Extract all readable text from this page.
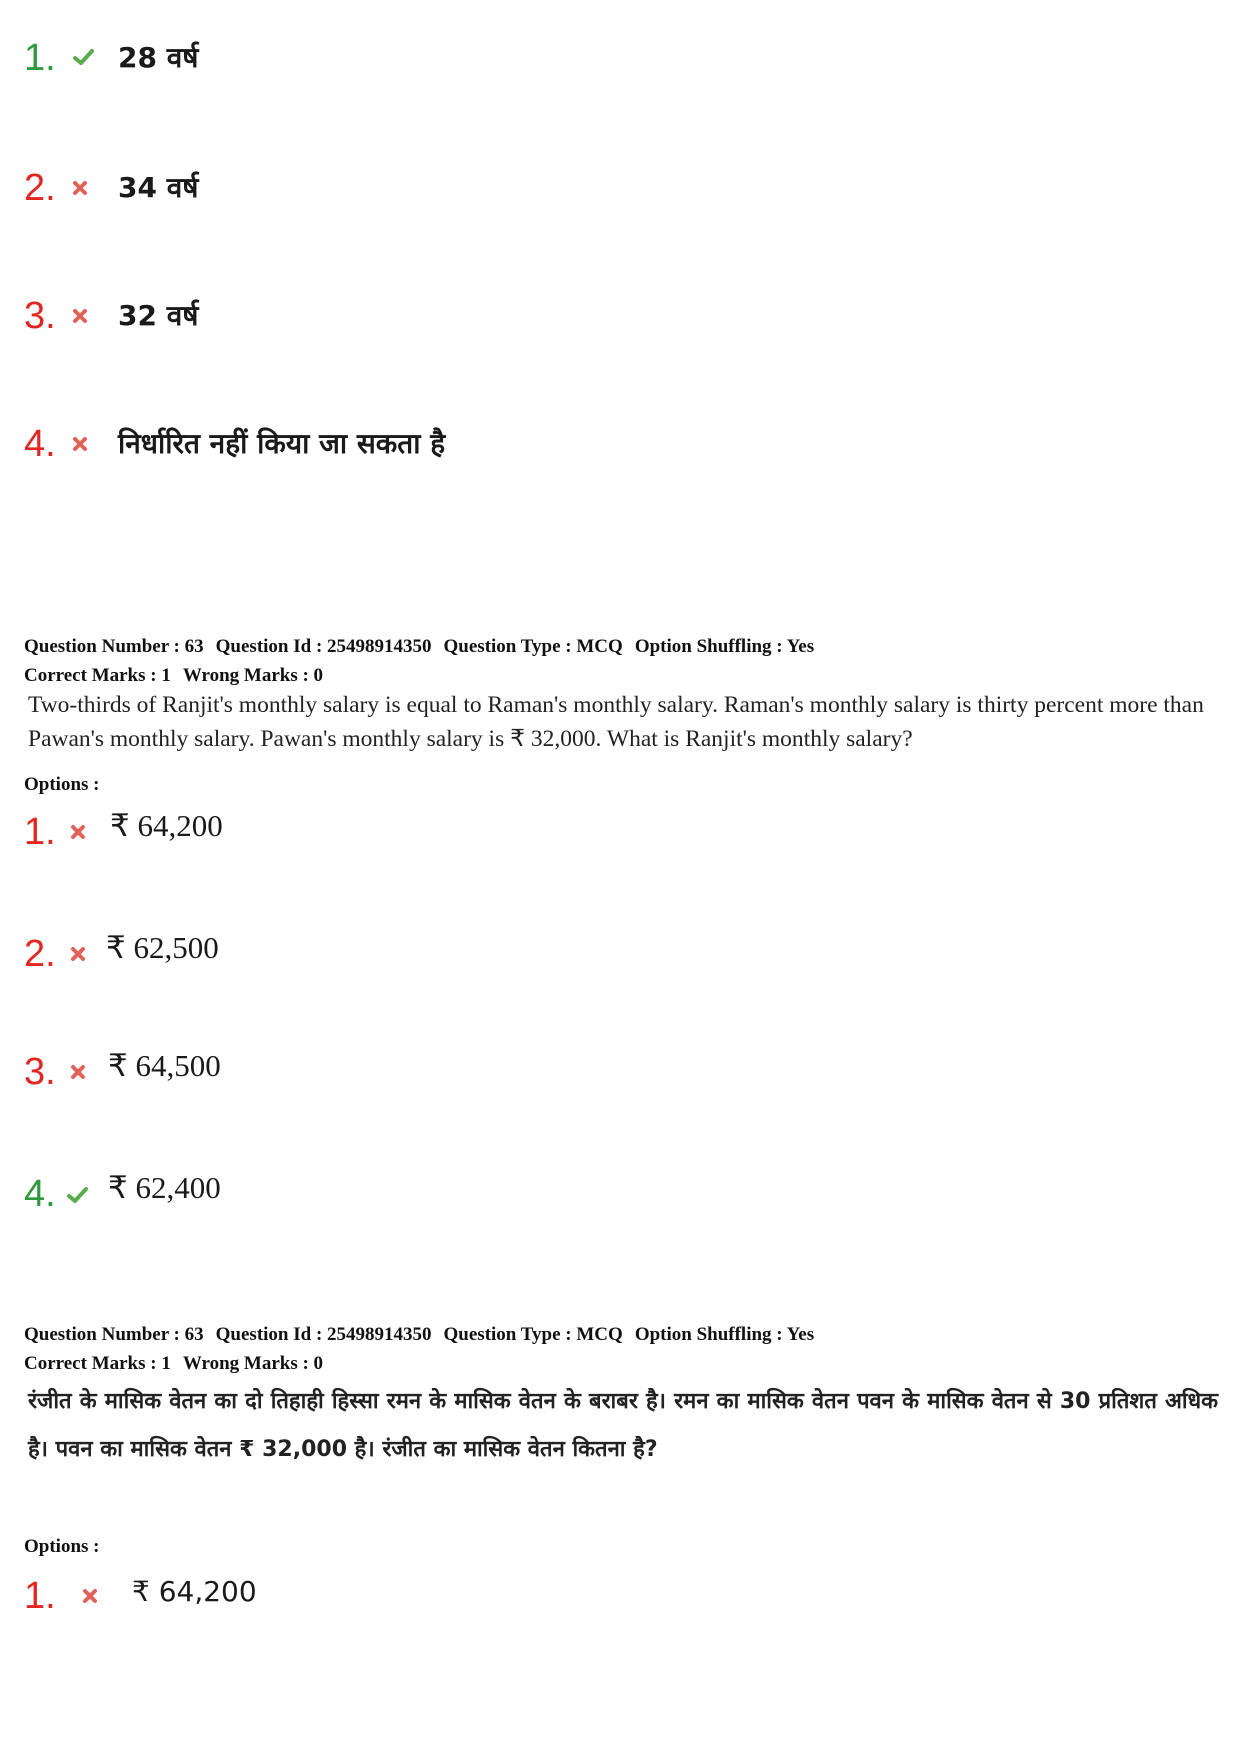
1. 28 वर्ष
2. 34 वर्ष
3. 32 वर्ष
4. निर्धारित नहीं किया जा सकता है
Question Number : 63 Question Id : 25498914350 Question Type : MCQ Option Shuffling : Yes
Correct Marks : 1 Wrong Marks : 0
Two-thirds of Ranjit's monthly salary is equal to Raman's monthly salary. Raman's monthly salary is thirty percent more than Pawan's monthly salary. Pawan's monthly salary is ₹ 32,000. What is Ranjit's monthly salary?
Options :
1. ₹ 64,200
2. ₹ 62,500
3. ₹ 64,500
4. ₹ 62,400
Question Number : 63 Question Id : 25498914350 Question Type : MCQ Option Shuffling : Yes
Correct Marks : 1 Wrong Marks : 0
रंजीत के मासिक वेतन का दो तिहाही हिस्सा रमन के मासिक वेतन के बराबर है। रमन का मासिक वेतन पवन के मासिक वेतन से 30 प्रतिशत अधिक है। पवन का मासिक वेतन ₹ 32,000 है। रंजीत का मासिक वेतन कितना है?
Options :
1.	₹ 64,200
